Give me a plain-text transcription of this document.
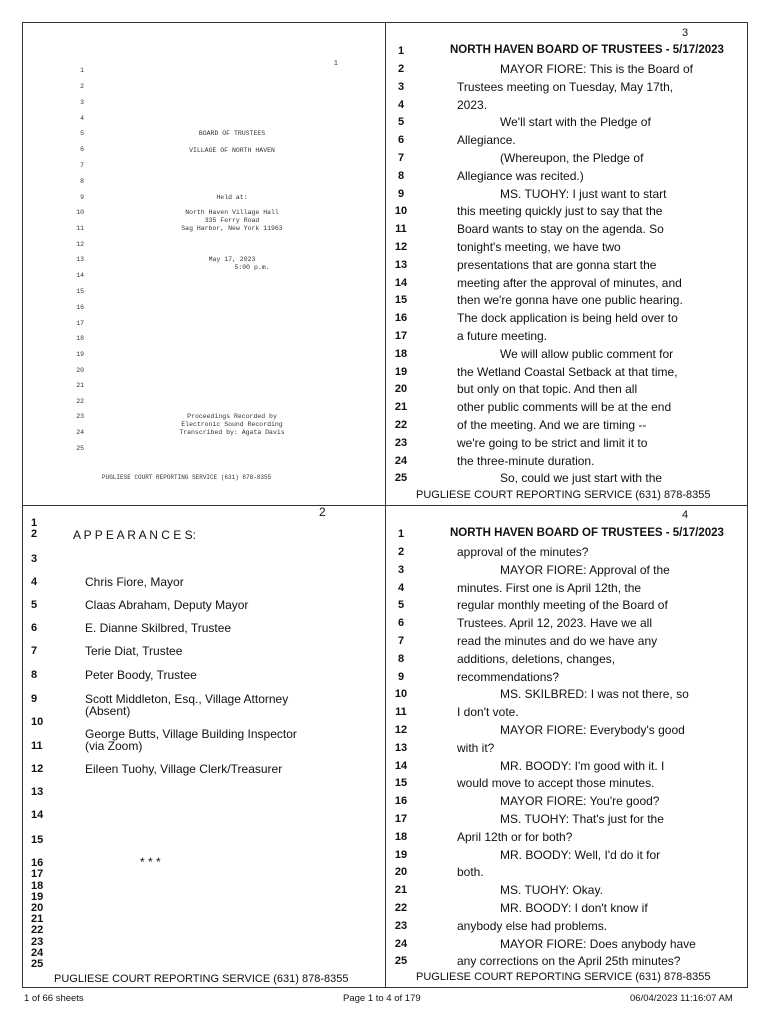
1
1
2
3
4
5
6
7
8
9
10
11
12
13
14
15
16
17
18
19
20
21
22
23
24
25
BOARD OF TRUSTEES
VILLAGE OF NORTH HAVEN
Held at:
North Haven Village Hall
335 Ferry Road
Sag Harbor, New York 11963
May 17, 2023
5:00 p.m.
Proceedings Recorded by
Electronic Sound Recording
Transcribed by: Agata Davis
PUGLIESE COURT REPORTING SERVICE (631) 878-8355
2
1
2
3
4
5
6
7
8
9
10
11
12
13
14
15
16
17
18
19
20
21
22
23
24
25
A P P E A R A N C E S:
Chris Fiore, Mayor
Claas Abraham, Deputy Mayor
E. Dianne Skilbred, Trustee
Terie Diat, Trustee
Peter Boody, Trustee
Scott Middleton, Esq., Village Attorney
(Absent)
George Butts, Village Building Inspector
(via Zoom)
Eileen Tuohy, Village Clerk/Treasurer
* * *
PUGLIESE COURT REPORTING SERVICE (631) 878-8355
3
1	NORTH HAVEN BOARD OF TRUSTEES - 5/17/2023
2	MAYOR FIORE: This is the Board of
3	Trustees meeting on Tuesday, May 17th,
4	2023.
5	We'll start with the Pledge of
6	Allegiance.
7	(Whereupon, the Pledge of
8	Allegiance was recited.)
9	MS. TUOHY: I just want to start
10	this meeting quickly just to say that the
11	Board wants to stay on the agenda. So
12	tonight's meeting, we have two
13	presentations that are gonna start the
14	meeting after the approval of minutes, and
15	then we're gonna have one public hearing.
16	The dock application is being held over to
17	a future meeting.
18	We will allow public comment for
19	the Wetland Coastal Setback at that time,
20	but only on that topic. And then all
21	other public comments will be at the end
22	of the meeting. And we are timing --
23	we're going to be strict and limit it to
24	the three-minute duration.
25	So, could we just start with the
PUGLIESE COURT REPORTING SERVICE (631) 878-8355
4
1	NORTH HAVEN BOARD OF TRUSTEES - 5/17/2023
2	approval of the minutes?
3	MAYOR FIORE: Approval of the
4	minutes. First one is April 12th, the
5	regular monthly meeting of the Board of
6	Trustees. April 12, 2023. Have we all
7	read the minutes and do we have any
8	additions, deletions, changes,
9	recommendations?
10	MS. SKILBRED: I was not there, so
11	I don't vote.
12	MAYOR FIORE: Everybody's good
13	with it?
14	MR. BOODY: I'm good with it. I
15	would move to accept those minutes.
16	MAYOR FIORE: You're good?
17	MS. TUOHY: That's just for the
18	April 12th or for both?
19	MR. BOODY: Well, I'd do it for
20	both.
21	MS. TUOHY: Okay.
22	MR. BOODY: I don't know if
23	anybody else had problems.
24	MAYOR FIORE: Does anybody have
25	any corrections on the April 25th minutes?
PUGLIESE COURT REPORTING SERVICE (631) 878-8355
1 of 66 sheets	Page 1 to 4 of 179	06/04/2023 11:16:07 AM
